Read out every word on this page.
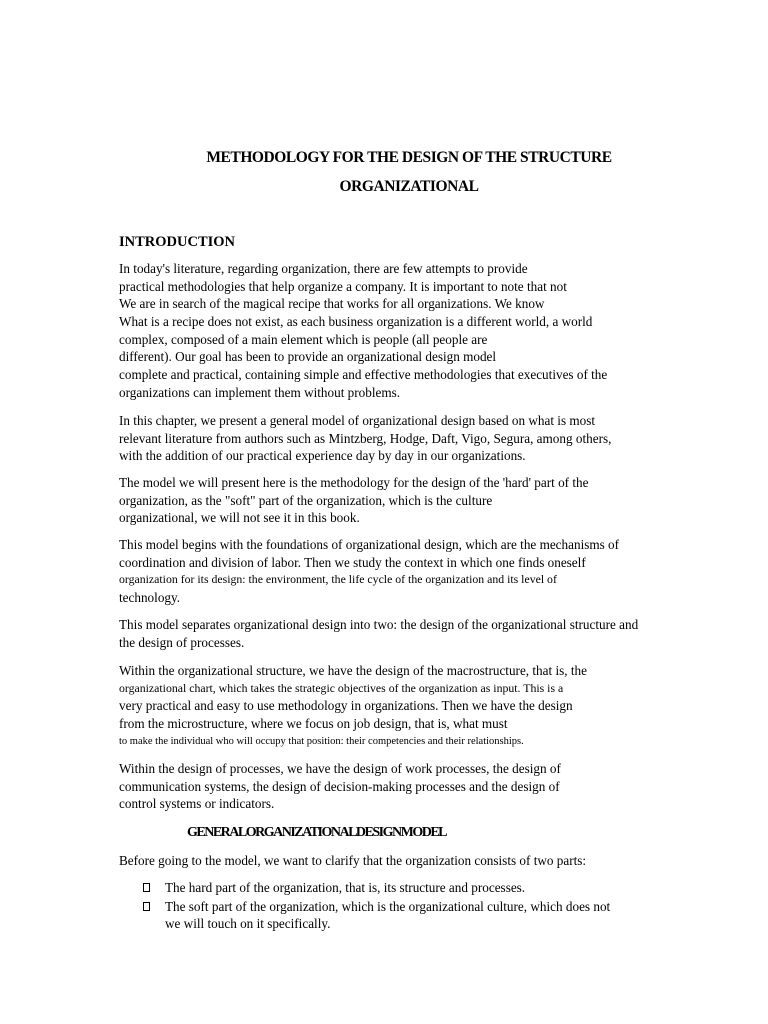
METHODOLOGY FOR THE DESIGN OF THE STRUCTURE
ORGANIZATIONAL
INTRODUCTION
In today's literature, regarding organization, there are few attempts to provide
practical methodologies that help organize a company. It is important to note that not
We are in search of the magical recipe that works for all organizations. We know
What is a recipe does not exist, as each business organization is a different world, a world
complex, composed of a main element which is people (all people are
different). Our goal has been to provide an organizational design model
complete and practical, containing simple and effective methodologies that executives of the
organizations can implement them without problems.
In this chapter, we present a general model of organizational design based on what is most
relevant literature from authors such as Mintzberg, Hodge, Daft, Vigo, Segura, among others,
with the addition of our practical experience day by day in our organizations.
The model we will present here is the methodology for the design of the 'hard' part of the
organization, as the "soft" part of the organization, which is the culture
organizational, we will not see it in this book.
This model begins with the foundations of organizational design, which are the mechanisms of
coordination and division of labor. Then we study the context in which one finds oneself
organization for its design: the environment, the life cycle of the organization and its level of
technology.
This model separates organizational design into two: the design of the organizational structure and
the design of processes.
Within the organizational structure, we have the design of the macrostructure, that is, the
organizational chart, which takes the strategic objectives of the organization as input. This is a
very practical and easy to use methodology in organizations. Then we have the design
from the microstructure, where we focus on job design, that is, what must
to make the individual who will occupy that position: their competencies and their relationships.
Within the design of processes, we have the design of work processes, the design of
communication systems, the design of decision-making processes and the design of
control systems or indicators.
GENERALORGANIZATIONALDESIGNMODEL
Before going to the model, we want to clarify that the organization consists of two parts:
The hard part of the organization, that is, its structure and processes.
The soft part of the organization, which is the organizational culture, which does not
we will touch on it specifically.
